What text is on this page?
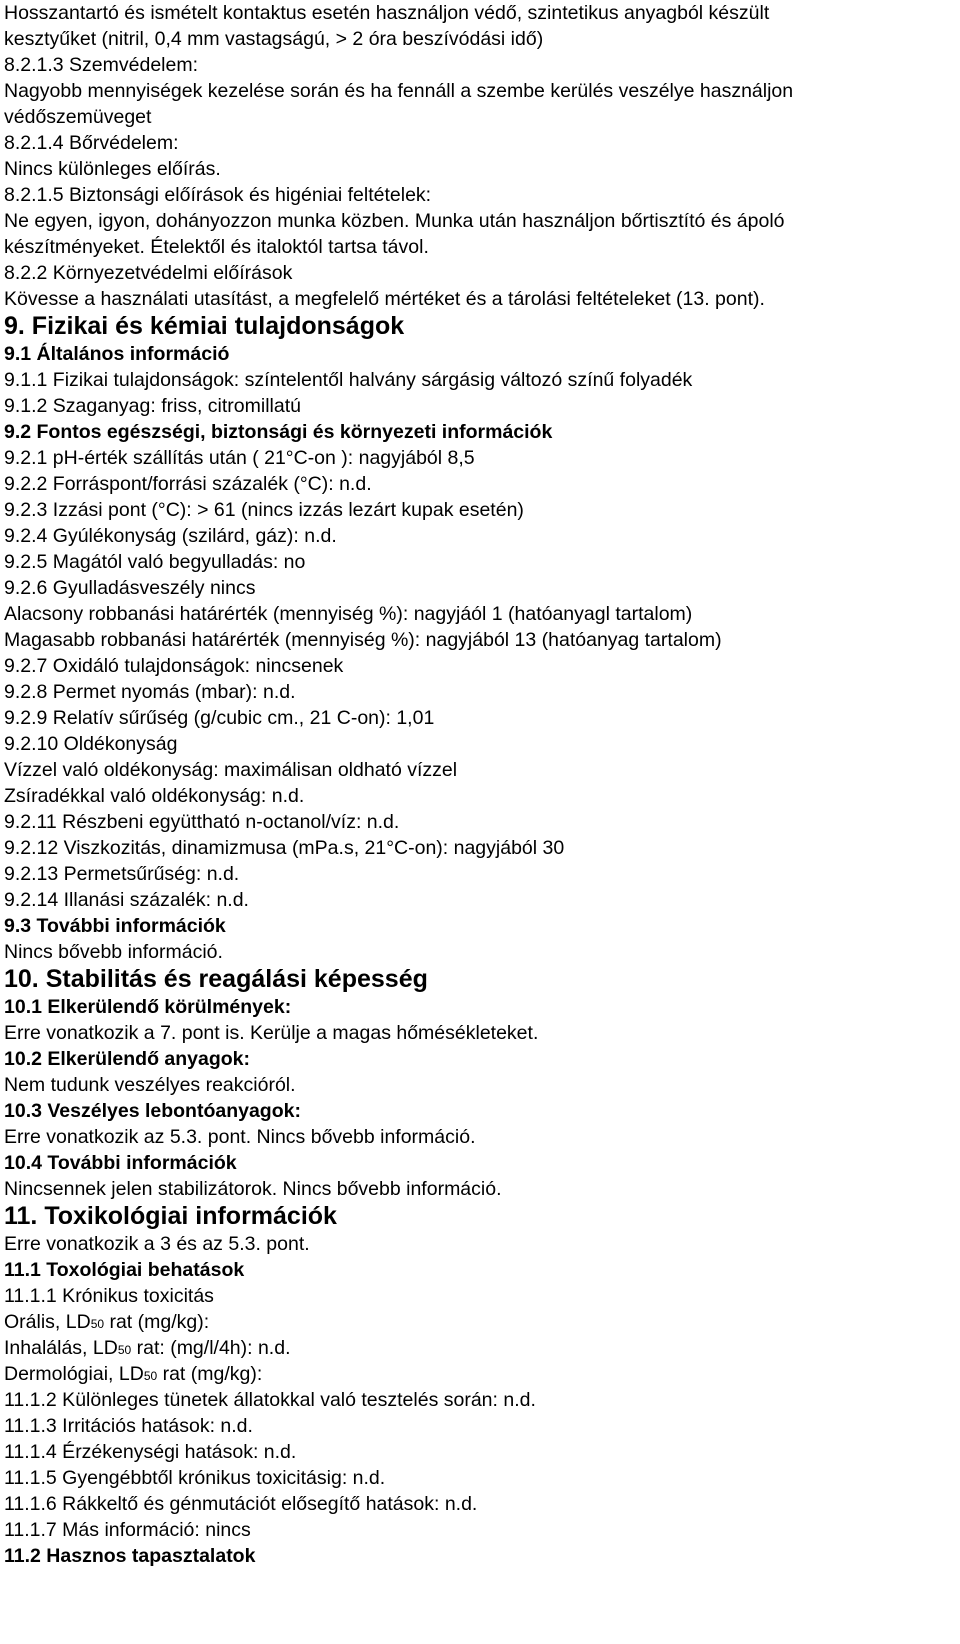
Hosszantartó és ismételt kontaktus esetén használjon védő, szintetikus anyagból készült
kesztyűket (nitril, 0,4 mm vastagságú, > 2 óra beszívódási idő)
8.2.1.3 Szemvédelem:
Nagyobb mennyiségek kezelése során és ha fennáll a szembe kerülés veszélye használjon
védőszemüveget
8.2.1.4 Bőrvédelem:
Nincs különleges előírás.
8.2.1.5 Biztonsági előírások és higéniai feltételek:
Ne egyen, igyon, dohányozzon munka közben. Munka után használjon bőrtisztító és ápoló
készítményeket. Ételektől és italoktól tartsa távol.
8.2.2 Környezetvédelmi előírások
Kövesse a használati utasítást, a megfelelő mértéket és a tárolási feltételeket (13. pont).
9. Fizikai és kémiai tulajdonságok
9.1 Általános információ
9.1.1 Fizikai tulajdonságok: színtelentől halvány sárgásig változó színű folyadék
9.1.2 Szaganyag: friss, citromillatú
9.2 Fontos egészségi, biztonsági és környezeti információk
9.2.1 pH-érték szállítás után ( 21°C-on ): nagyjából 8,5
9.2.2 Forráspont/forrási százalék (°C): n.d.
9.2.3 Izzási pont (°C): > 61 (nincs izzás lezárt kupak esetén)
9.2.4 Gyúlékonyság (szilárd, gáz): n.d.
9.2.5 Magától való begyulladás: no
9.2.6 Gyulladásveszély nincs
Alacsony robbanási határérték (mennyiség %): nagyjáól 1 (hatóanyagl tartalom)
Magasabb robbanási határérték (mennyiség %): nagyjából 13 (hatóanyag tartalom)
9.2.7 Oxidáló tulajdonságok: nincsenek
9.2.8 Permet nyomás (mbar): n.d.
9.2.9 Relatív sűrűség (g/cubic cm., 21 C-on): 1,01
9.2.10 Oldékonyság
Vízzel való oldékonyság: maximálisan oldható vízzel
Zsíradékkal való oldékonyság: n.d.
9.2.11 Részbeni együttható n-octanol/víz: n.d.
9.2.12 Viszkozitás, dinamizmusa (mPa.s, 21°C-on): nagyjából 30
9.2.13 Permetsűrűség: n.d.
9.2.14 Illanási százalék: n.d.
9.3 További információk
Nincs bővebb információ.
10. Stabilitás és reagálási képesség
10.1 Elkerülendő körülmények:
Erre vonatkozik a 7. pont is. Kerülje a magas hőmésékleteket.
10.2 Elkerülendő anyagok:
Nem tudunk veszélyes reakcióról.
10.3 Veszélyes lebontóanyagok:
Erre vonatkozik az 5.3. pont. Nincs bővebb információ.
10.4 További információk
Nincsennek jelen stabilizátorok. Nincs bővebb információ.
11. Toxikológiai információk
Erre vonatkozik a 3 és az 5.3. pont.
11.1 Toxológiai behatások
11.1.1 Krónikus toxicitás
Orális, LD50 rat (mg/kg):
Inhalálás, LD50 rat: (mg/l/4h): n.d.
Dermológiai, LD50 rat (mg/kg):
11.1.2 Különleges tünetek állatokkal való tesztelés során: n.d.
11.1.3 Irritációs hatások: n.d.
11.1.4 Érzékenységi hatások: n.d.
11.1.5 Gyengébbtől krónikus toxicitásig: n.d.
11.1.6 Rákkeltő és génmutációt elősegítő hatások: n.d.
11.1.7 Más információ: nincs
11.2 Hasznos tapasztalatok
